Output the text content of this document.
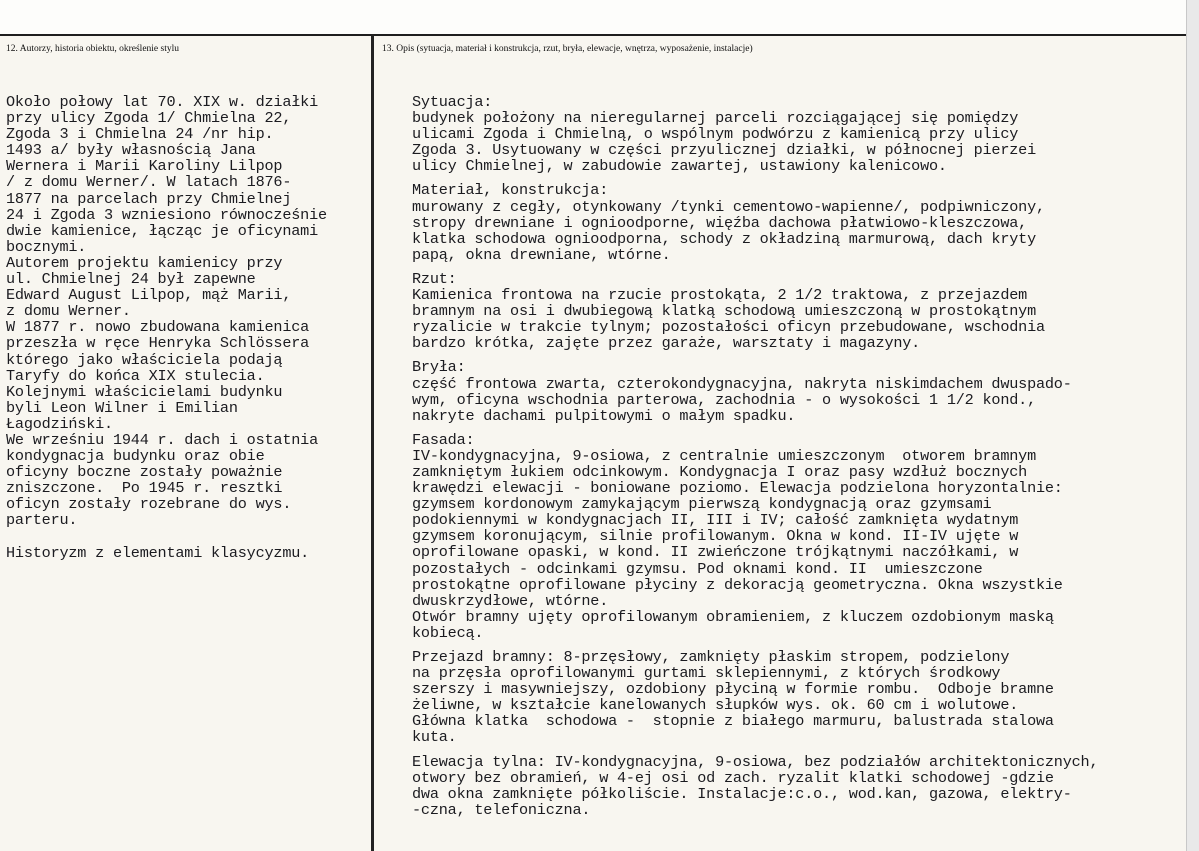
12. Autorzy, historia obiektu, określenie stylu	13. Opis (sytuacja, materiał i konstrukcja, rzut, bryła, elewacje, wnętrza, wyposażenie, instalacje)
Około połowy lat 70. XIX w. działki
przy ulicy Zgoda 1/ Chmielna 22,
Zgoda 3 i Chmielna 24 /nr hip.
1493 a/ były własnością Jana
Wernera i Marii Karoliny Lilpop
/ z domu Werner/. W latach 1876-
1877 na parcelach przy Chmielnej
24 i Zgoda 3 wzniesiono równocześnie
dwie kamienice, łącząc je oficynami
bocznymi.
Autorem projektu kamienicy przy
ul. Chmielnej 24 był zapewne
Edward August Lilpop, mąż Marii,
z domu Werner.
W 1877 r. nowo zbudowana kamienica
przeszła w ręce Henryka Schlössera
którego jako właściciela podają
Taryfy do końca XIX stulecia.
Kolejnymi właścicielami budynku
byli Leon Wilner i Emilian
Łagodziński.
We wrześniu 1944 r. dach i ostatnia
kondygnacja budynku oraz obie
oficyny boczne zostały poważnie
zniszczone.  Po 1945 r. resztki
oficyn zostały rozebrane do wys.
parteru.
Historyzm z elementami klasycyzmu.
Sytuacja:
budynek położony na nieregularnej parceli rozciągającej się pomiędzy
ulicami Zgoda i Chmielną, o wspólnym podwórzu z kamienicą przy ulicy
Zgoda 3. Usytuowany w części przyulicznej działki, w północnej pierzei
ulicy Chmielnej, w zabudowie zawartej, ustawiony kalenicowo.
Materiał, konstrukcja:
murowany z cegły, otynkowany /tynki cementowo-wapienne/, podpiwniczony,
stropy drewniane i ognioodporne, więźba dachowa płatwiowo-kleszczowa,
klatka schodowa ognioodporna, schody z okładziną marmurową, dach kryty
papą, okna drewniane, wtórne.
Rzut:
Kamienica frontowa na rzucie prostokąta, 2 1/2 traktowa, z przejazdem
bramnym na osi i dwubiegową klatką schodową umieszczoną w prostokątnym
ryzalicie w trakcie tylnym; pozostałości oficyn przebudowane, wschodnia
bardzo krótka, zajęte przez garaże, warsztaty i magazyny.
Bryła:
część frontowa zwarta, czterokondygnacyjna, nakryta niskimdachem dwuspado-
wym, oficyna wschodnia parterowa, zachodnia - o wysokości 1 1/2 kond.,
nakryte dachami pulpitowymi o małym spadku.
Fasada:
IV-kondygnacyjna, 9-osiowa, z centralnie umieszczonym  otworem bramnym
zamkniętym łukiem odcinkowym. Kondygnacja I oraz pasy wzdłuż bocznych
krawędzi elewacji - boniowane poziomo. Elewacja podzielona horyzontalnie:
gzymsem kordonowym zamykającym pierwszą kondygnacją oraz gzymsami
podokiennymi w kondygnacjach II, III i IV; całość zamknięta wydatnym
gzymsem koronującym, silnie profilowanym. Okna w kond. II-IV ujęte w
oprofilowane opaski, w kond. II zwieńczone trójkątnymi naczółkami, w
pozostałych - odcinkami gzymsu. Pod oknami kond. II  umieszczone
prostokątne oprofilowane płyciny z dekoracją geometryczna. Okna wszystkie
dwuskrzydłowe, wtórne.
Otwór bramny ujęty oprofilowanym obramieniem, z kluczem ozdobionym maską
kobiecą.
Przejazd bramny: 8-przęsłowy, zamknięty płaskim stropem, podzielony
na przęsła oprofilowanymi gurtami sklepiennymi, z których środkowy
szerszy i masywniejszy, ozdobiony płyciną w formie rombu.  Odboje bramne
żeliwne, w kształcie kanelowanych słupków wys. ok. 60 cm i wolutowe.
Główna klatka  schodowa -  stopnie z białego marmuru, balustrada stalowa
kuta.
Elewacja tylna: IV-kondygnacyjna, 9-osiowa, bez podziałów architektonicznych,
otwory bez obramień, w 4-ej osi od zach. ryzalit klatki schodowej -gdzie
dwa okna zamknięte półkoliście. Instalacje:c.o., wod.kan, gazowa, elektry-
-czna, telefoniczna.
